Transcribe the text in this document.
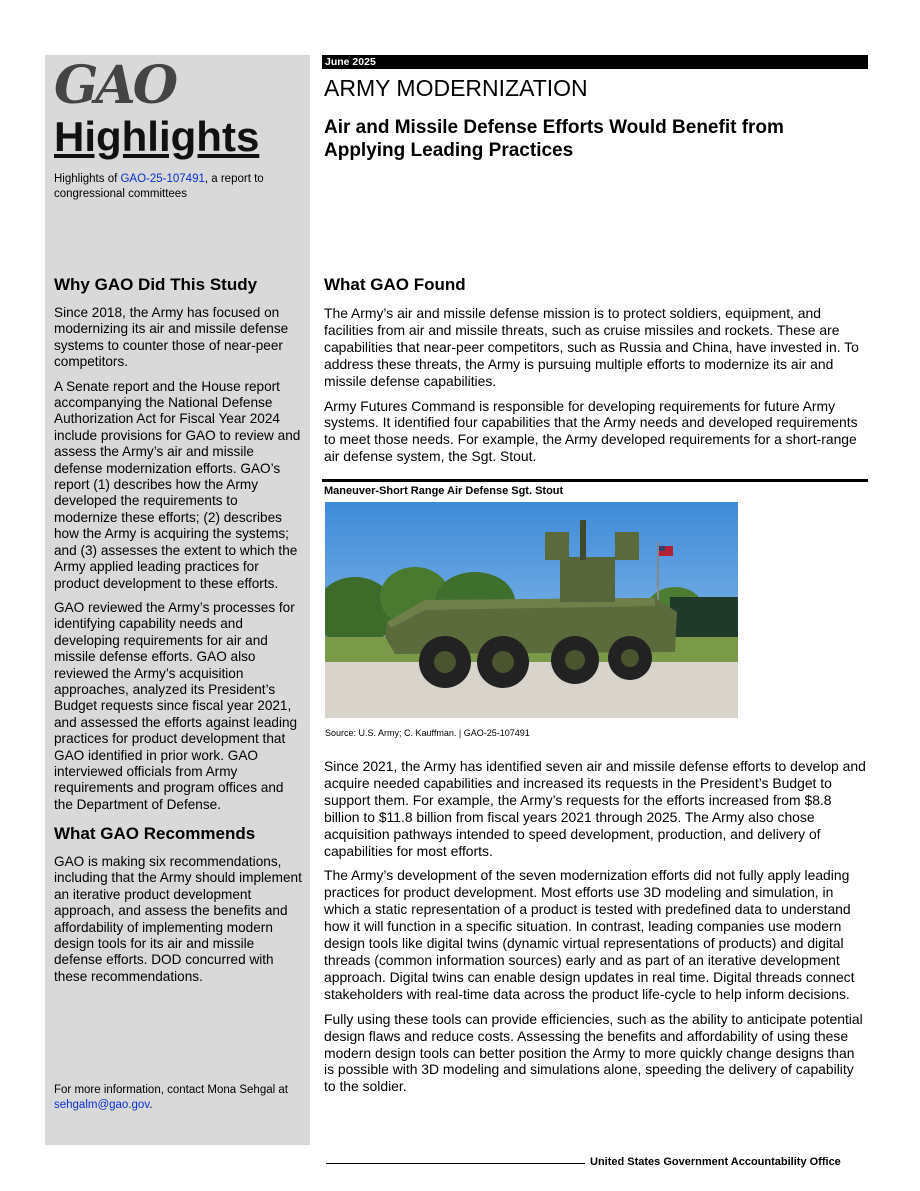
GAO
Highlights
Highlights of GAO-25-107491, a report to congressional committees
Why GAO Did This Study

Since 2018, the Army has focused on modernizing its air and missile defense systems to counter those of near-peer competitors.

A Senate report and the House report accompanying the National Defense Authorization Act for Fiscal Year 2024 include provisions for GAO to review and assess the Army’s air and missile defense modernization efforts. GAO’s report (1) describes how the Army developed the requirements to modernize these efforts; (2) describes how the Army is acquiring the systems; and (3) assesses the extent to which the Army applied leading practices for product development to these efforts.

GAO reviewed the Army’s processes for identifying capability needs and developing requirements for air and missile defense efforts. GAO also reviewed the Army’s acquisition approaches, analyzed its President’s Budget requests since fiscal year 2021, and assessed the efforts against leading practices for product development that GAO identified in prior work. GAO interviewed officials from Army requirements and program offices and the Department of Defense.

What GAO Recommends

GAO is making six recommendations, including that the Army should implement an iterative product development approach, and assess the benefits and affordability of implementing modern design tools for its air and missile defense efforts. DOD concurred with these recommendations.

For more information, contact Mona Sehgal at sehgalm@gao.gov.
June 2025
ARMY MODERNIZATION
Air and Missile Defense Efforts Would Benefit from Applying Leading Practices
What GAO Found

The Army’s air and missile defense mission is to protect soldiers, equipment, and facilities from air and missile threats, such as cruise missiles and rockets. These are capabilities that near-peer competitors, such as Russia and China, have invested in. To address these threats, the Army is pursuing multiple efforts to modernize its air and missile defense capabilities.

Army Futures Command is responsible for developing requirements for future Army systems. It identified four capabilities that the Army needs and developed requirements to meet those needs. For example, the Army developed requirements for a short-range air defense system, the Sgt. Stout.

Maneuver-Short Range Air Defense Sgt. Stout
Source: U.S. Army; C. Kauffman. | GAO-25-107491

Since 2021, the Army has identified seven air and missile defense efforts to develop and acquire needed capabilities and increased its requests in the President’s Budget to support them. For example, the Army’s requests for the efforts increased from $8.8 billion to $11.8 billion from fiscal years 2021 through 2025. The Army also chose acquisition pathways intended to speed development, production, and delivery of capabilities for most efforts.

The Army’s development of the seven modernization efforts did not fully apply leading practices for product development. Most efforts use 3D modeling and simulation, in which a static representation of a product is tested with predefined data to understand how it will function in a specific situation. In contrast, leading companies use modern design tools like digital twins (dynamic virtual representations of products) and digital threads (common information sources) early and as part of an iterative development approach. Digital twins can enable design updates in real time. Digital threads connect stakeholders with real-time data across the product life-cycle to help inform decisions.

Fully using these tools can provide efficiencies, such as the ability to anticipate potential design flaws and reduce costs. Assessing the benefits and affordability of using these modern design tools can better position the Army to more quickly change designs than is possible with 3D modeling and simulations alone, speeding the delivery of capability to the soldier.

United States Government Accountability Office
